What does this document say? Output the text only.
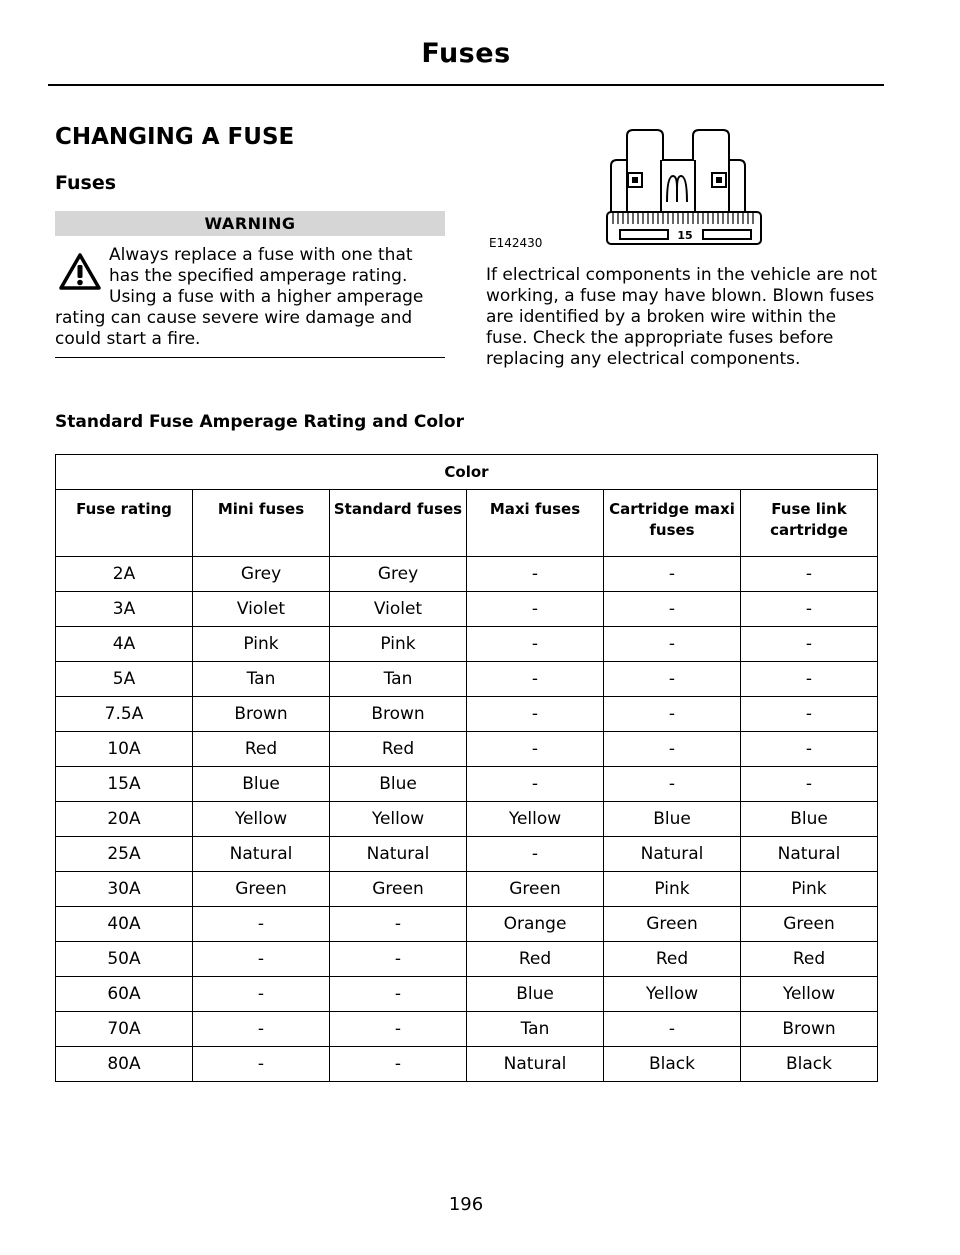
Fuses
CHANGING A FUSE
Fuses
WARNING
Always replace a fuse with one that has the specified amperage rating. Using a fuse with a higher amperage rating can cause severe wire damage and could start a fire.
15
E142430
If electrical components in the vehicle are not working, a fuse may have blown. Blown fuses are identified by a broken wire within the fuse. Check the appropriate fuses before replacing any electrical components.
Standard Fuse Amperage Rating and Color
Color					
Fuse rating	Mini fuses	Standard fuses	Maxi fuses	Cartridge maxi fuses	Fuse link cartridge
2A	Grey	Grey	-	-	-
3A	Violet	Violet	-	-	-
4A	Pink	Pink	-	-	-
5A	Tan	Tan	-	-	-
7.5A	Brown	Brown	-	-	-
10A	Red	Red	-	-	-
15A	Blue	Blue	-	-	-
20A	Yellow	Yellow	Yellow	Blue	Blue
25A	Natural	Natural	-	Natural	Natural
30A	Green	Green	Green	Pink	Pink
40A	-	-	Orange	Green	Green
50A	-	-	Red	Red	Red
60A	-	-	Blue	Yellow	Yellow
70A	-	-	Tan	-	Brown
80A	-	-	Natural	Black	Black
196
